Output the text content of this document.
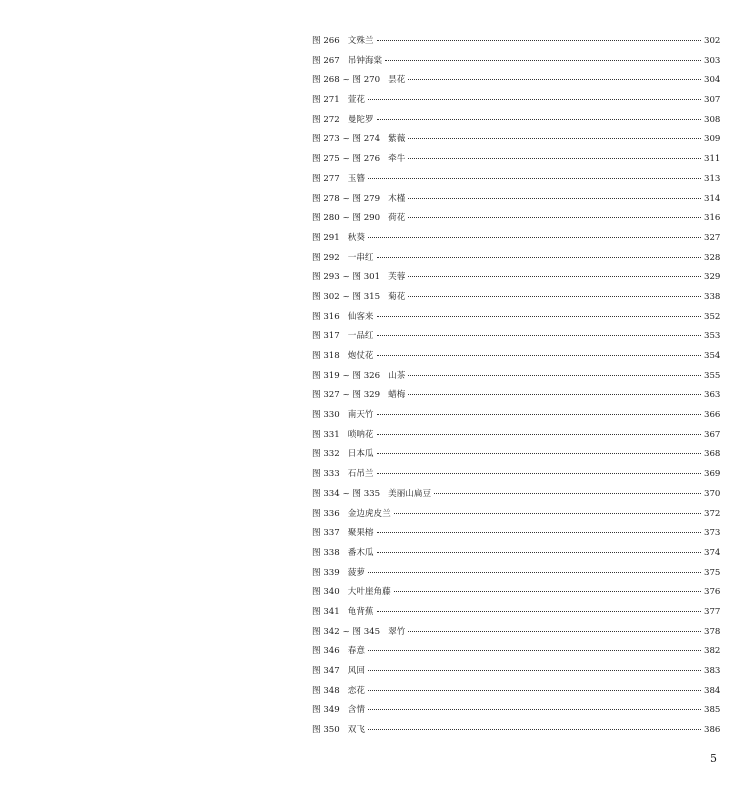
图 266 文殊兰	302
图 267 吊钟海棠	303
图 268 ~ 图 270 昙花	304
图 271 萱花	307
图 272 曼陀罗	308
图 273 ~ 图 274 紫薇	309
图 275 ~ 图 276 牵牛	311
图 277 玉簪	313
图 278 ~ 图 279 木槿	314
图 280 ~ 图 290 荷花	316
图 291 秋葵	327
图 292 一串红	328
图 293 ~ 图 301 芙蓉	329
图 302 ~ 图 315 菊花	338
图 316 仙客来	352
图 317 一品红	353
图 318 炮仗花	354
图 319 ~ 图 326 山茶	355
图 327 ~ 图 329 蜡梅	363
图 330 南天竹	366
图 331 唢呐花	367
图 332 日本瓜	368
图 333 石吊兰	369
图 334 ~ 图 335 美丽山扁豆	370
图 336 金边虎皮兰	372
图 337 聚果榕	373
图 338 番木瓜	374
图 339 菠萝	375
图 340 大叶崖角藤	376
图 341 龟背蕉	377
图 342 ~ 图 345 翠竹	378
图 346 春意	382
图 347 风回	383
图 348 恋花	384
图 349 含情	385
图 350 双飞	386
5
